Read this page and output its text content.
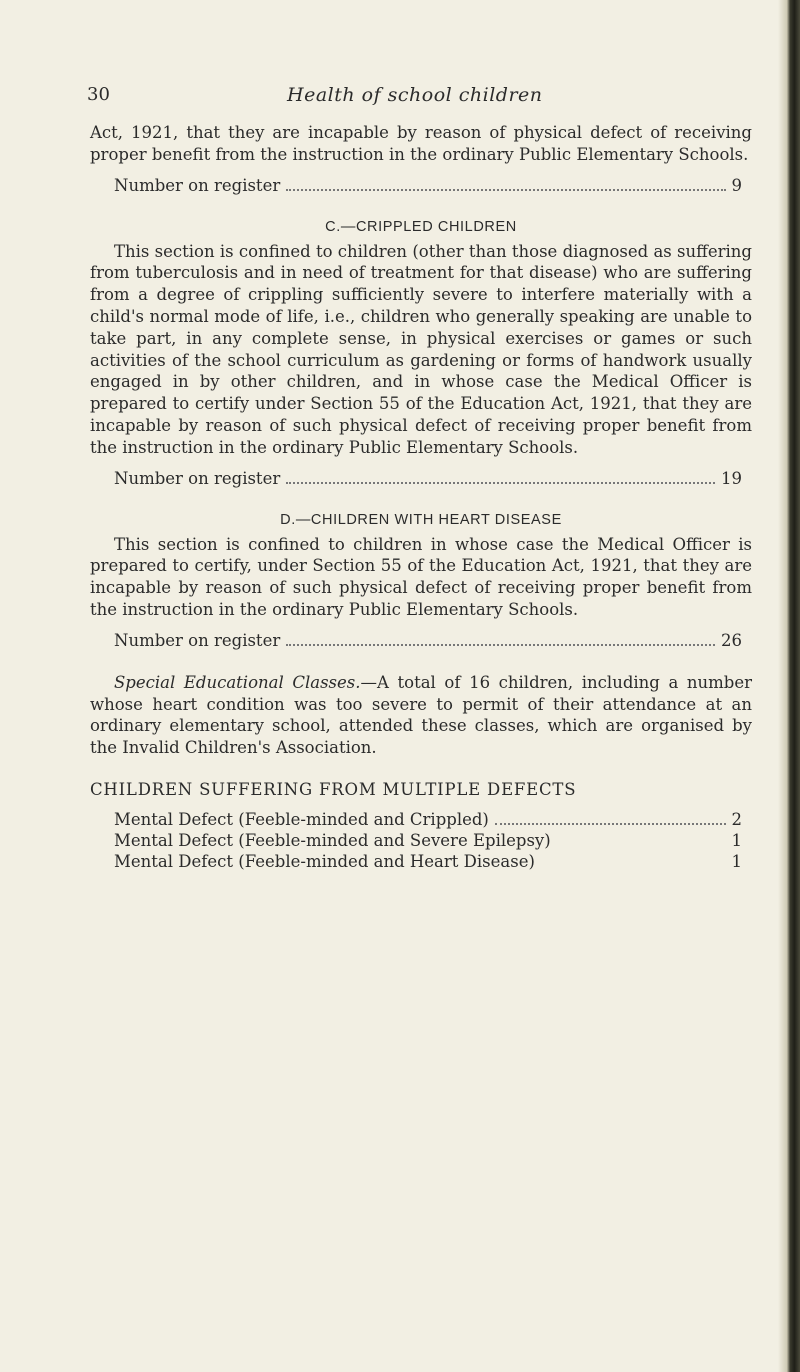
30	Health of school children

Act, 1921, that they are incapable by reason of physical defect of receiving proper benefit from the instruction in the ordinary Public Elementary Schools.

Number on register	9
C.—CRIPPLED CHILDREN

This section is confined to children (other than those diagnosed as suffering from tuberculosis and in need of treatment for that disease) who are suffering from a degree of crippling sufficiently severe to interfere materially with a child's normal mode of life, i.e., children who generally speaking are unable to take part, in any complete sense, in physical exercises or games or such activities of the school curriculum as gardening or forms of handwork usually engaged in by other children, and in whose case the Medical Officer is prepared to certify under Section 55 of the Education Act, 1921, that they are incapable by reason of such physical defect of receiving proper benefit from the instruction in the ordinary Public Elementary Schools.

Number on register	19
D.—CHILDREN WITH HEART DISEASE

This section is confined to children in whose case the Medical Officer is prepared to certify, under Section 55 of the Education Act, 1921, that they are incapable by reason of such physical defect of receiving proper benefit from the instruction in the ordinary Public Elementary Schools.

Number on register	26

Special Educational Classes.—A total of 16 children, including a number whose heart condition was too severe to permit of their attendance at an ordinary elementary school, attended these classes, which are organised by the Invalid Children's Association.

CHILDREN SUFFERING FROM MULTIPLE DEFECTS
Mental Defect (Feeble-minded and Crippled)	2
Mental Defect (Feeble-minded and Severe Epilepsy)	1
Mental Defect (Feeble-minded and Heart Disease)	1
